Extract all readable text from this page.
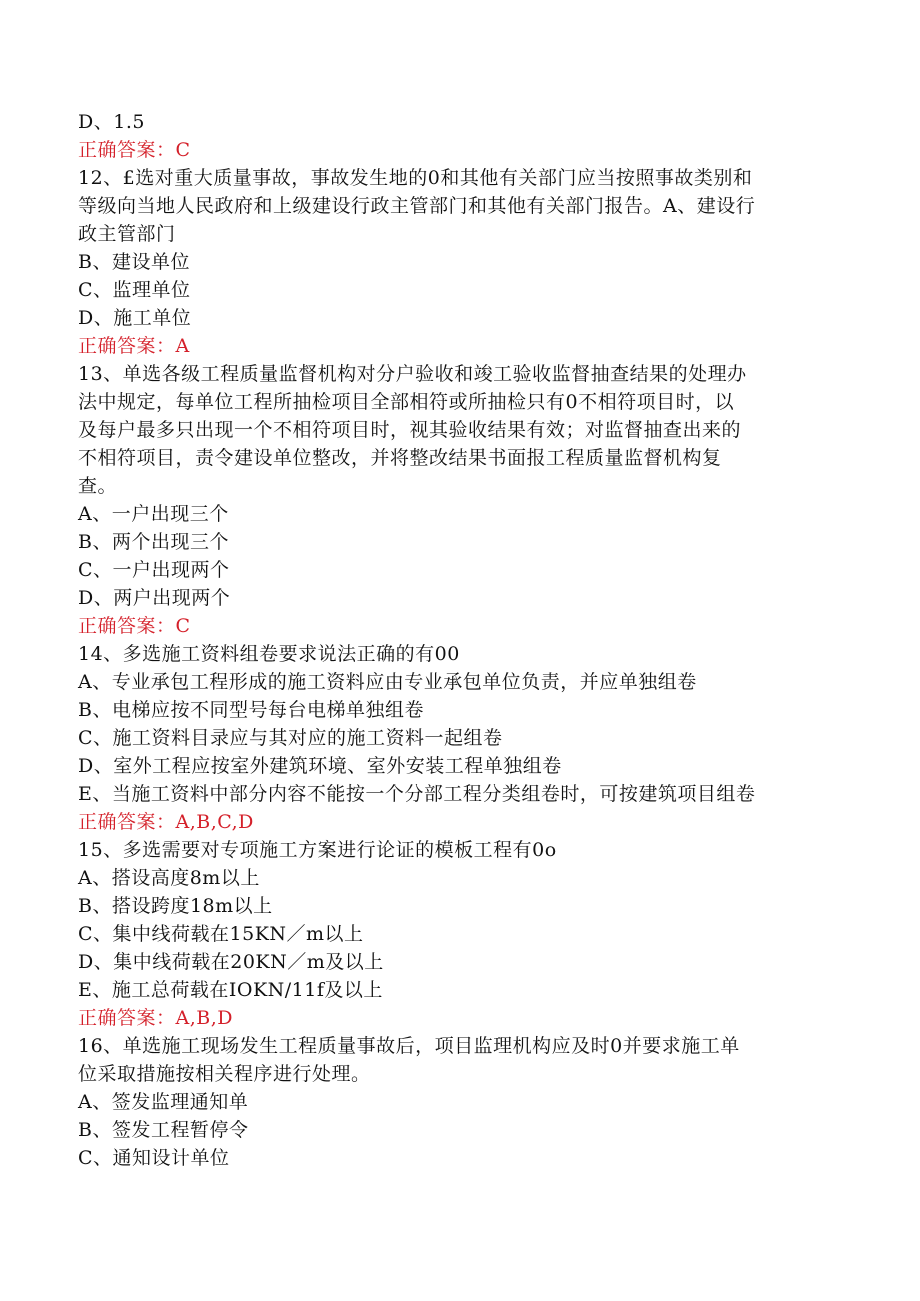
D、1.5
正确答案：C
12、£选对重大质量事故，事故发生地的0和其他有关部门应当按照事故类别和
等级向当地人民政府和上级建设行政主管部门和其他有关部门报告。A、建设行
政主管部门
B、建设单位
C、监理单位
D、施工单位
正确答案：A
13、单选各级工程质量监督机构对分户验收和竣工验收监督抽查结果的处理办
法中规定，每单位工程所抽检项目全部相符或所抽检只有0不相符项目时，以
及每户最多只出现一个不相符项目时，视其验收结果有效；对监督抽查出来的
不相符项目，责令建设单位整改，并将整改结果书面报工程质量监督机构复
查。
A、一户出现三个
B、两个出现三个
C、一户出现两个
D、两户出现两个
正确答案：C
14、多选施工资料组卷要求说法正确的有00
A、专业承包工程形成的施工资料应由专业承包单位负责，并应单独组卷
B、电梯应按不同型号每台电梯单独组卷
C、施工资料目录应与其对应的施工资料一起组卷
D、室外工程应按室外建筑环境、室外安装工程单独组卷
E、当施工资料中部分内容不能按一个分部工程分类组卷时，可按建筑项目组卷
正确答案：A,B,C,D
15、多选需要对专项施工方案进行论证的模板工程有0o
A、搭设高度8m以上
B、搭设跨度18m以上
C、集中线荷载在15KN／m以上
D、集中线荷载在20KN／m及以上
E、施工总荷载在IOKN/11f及以上
正确答案：A,B,D
16、单选施工现场发生工程质量事故后，项目监理机构应及时0并要求施工单
位采取措施按相关程序进行处理。
A、签发监理通知单
B、签发工程暂停令
C、通知设计单位
